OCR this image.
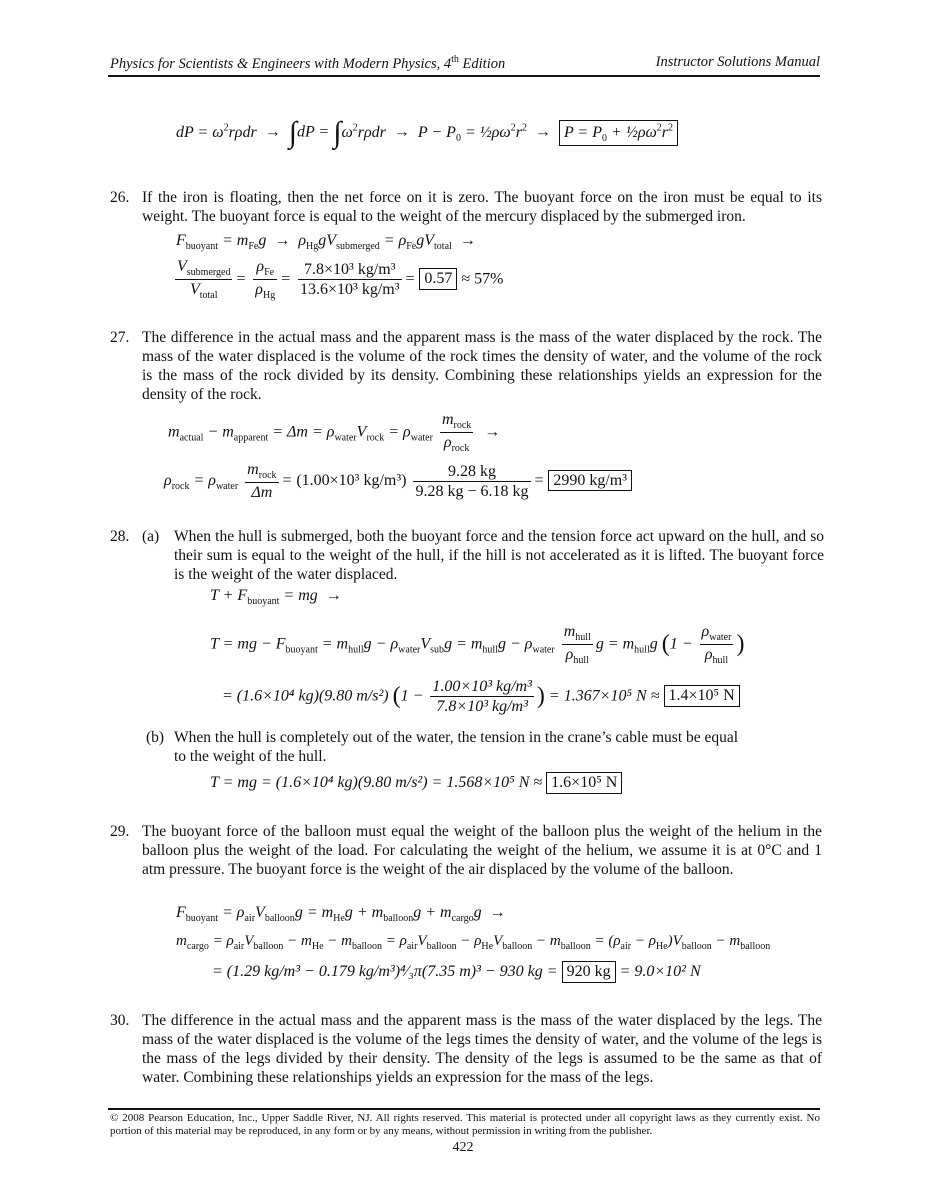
Physics for Scientists & Engineers with Modern Physics, 4th Edition	Instructor Solutions Manual
dP = $\omega^2r\rho dr \to \int dP = \int\omega^2r\rho dr \to P - P_0$ = $\frac{1}{2}\rho\omega^2r^2 \to P = P_0$ + $\frac{1}{2}\rho\omega^2r^2$
26. If the iron is floating, then the net force on it is zero. The buoyant force on the iron must be equal to its weight. The buoyant force is equal to the weight of the mercury displaced by the submerged iron.
$F_{buoyant} = m_{Fe}g \to \rho_{Hg}gV_{submerged} = \rho_{Fe}gV_{total}$  →
$\frac{V_{submerged}}{V_{total}} = \frac{\rho_{Fe}}{\rho_{Hg}} = \frac{\text{7.8×10³ kg/m³}}{\text{13.6×10³ kg/m³}} = 0.57 \approx 57\%$
27. The difference in the actual mass and the apparent mass is the mass of the water displaced by the rock. The mass of the water displaced is the volume of the rock times the density of water, and the volume of the rock is the mass of the rock divided by its density. Combining these relationships yields an expression for the density of the rock.
$m_{actual} - m_{apparent} = \Delta m = \rho_{water}V_{rock} = \rho_{water} \frac{m_{rock}}{\rho_{rock}}$ →
$\rho_{rock} = \rho_{water} \frac{m_{rock}}{\Delta m} = (1.00\times 10^3$ $kg/m^3) \frac{9.28 kg}{9.28 kg - 6.18 kg} = 2990$ kg/m³
28. (a) When the hull is submerged, both the buoyant force and the tension force act upward on the hull, and so their sum is equal to the weight of the hull, if the hill is not accelerated as it is lifted. The buoyant force is the weight of the water displaced.
$T + F_{buoyant}$ = mg  →
T = mg − $F_{buoyant} = m_{hull}g - \rho_{water}V_{sub}g = m_{hull}g - \rho_{water} \frac{m_{hull}}{\rho_{hull}}$ $g = m_{hull}g$ ($1 - \frac{\rho_{water}}{\rho_{hull}}$ )
= (1.6×10⁴ kg)(9.80 m/s²) ($1 - \frac{\text{1.00×10³ kg/m³}}{\text{7.8×10³ kg/m³}}$ ) = 1.367×10⁵ N ≈ 1.4×10⁵ N
(b) When the hull is completely out of the water, the tension in the crane’s cable must be equal to the weight of the hull.
T = mg = (1.6×10⁴ kg)(9.80 m/s²) = 1.568×10⁵ N ≈ 1.6×10⁵ N
29. The buoyant force of the balloon must equal the weight of the balloon plus the weight of the helium in the balloon plus the weight of the load. For calculating the weight of the helium, we assume it is at 0°C and 1 atm pressure. The buoyant force is the weight of the air displaced by the volume of the balloon.
$F_{buoyant} = \rho_{air}V_{balloon}g = m_{He}g + m_{balloon}g + m_{cargo}g$  →
$m_{cargo} = \rho_{air}V_{balloon} - m_{He} - m_{balloon} = \rho_{air}V_{balloon} - \rho_{He}V_{balloon} - m_{balloon} = (\rho_{air} - \rho_{He})V_{balloon} - m_{balloon}$
= (1.29 kg/m³ − 0.179 kg/m³)⁴⁄₃π(7.35 m)³ − 930 kg = 920 kg = 9.0×10² N
30. The difference in the actual mass and the apparent mass is the mass of the water displaced by the legs. The mass of the water displaced is the volume of the legs times the density of water, and the volume of the legs is the mass of the legs divided by their density. The density of the legs is assumed to be the same as that of water. Combining these relationships yields an expression for the mass of the legs.
© 2008 Pearson Education, Inc., Upper Saddle River, NJ. All rights reserved. This material is protected under all copyright laws as they currently exist. No portion of this material may be reproduced, in any form or by any means, without permission in writing from the publisher.
422
